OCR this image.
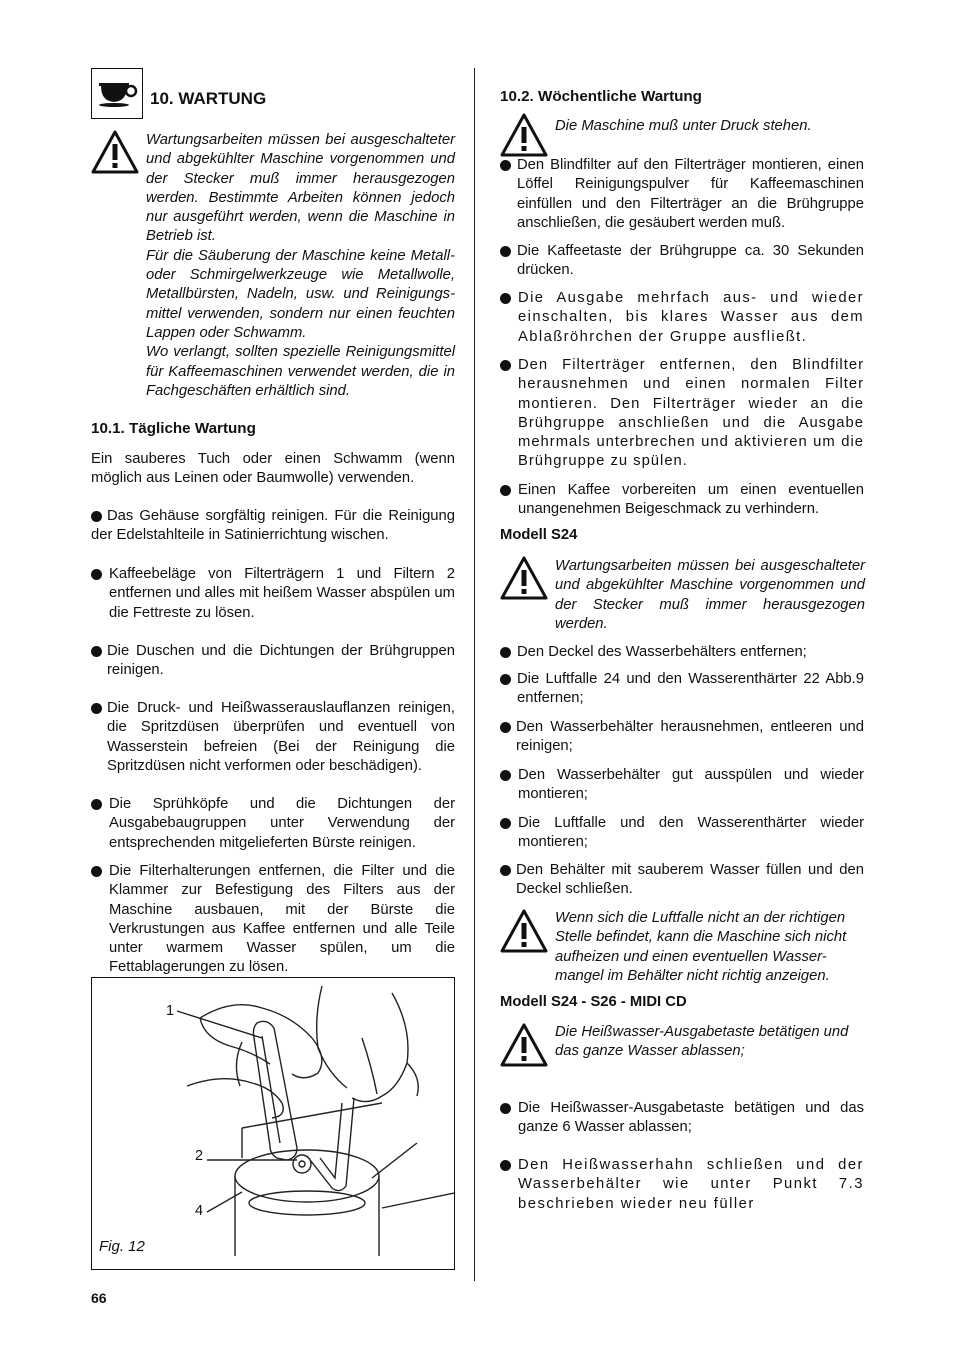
10. WARTUNG

Wartungsarbeiten müssen bei ausgeschalteter und abgekühlter Maschine vorgenommen und der Stecker muß immer herausgezogen werden. Bestimmte Arbeiten können jedoch nur ausgeführt werden, wenn die Maschine in Betrieb ist.

Für die Säuberung der Maschine keine Metall- oder Schmirgelwerkzeuge wie Metallwolle, Metallbürsten, Nadeln, usw. und Reinigungs-mittel verwenden, sondern nur einen feuchten Lappen oder Schwamm.

Wo verlangt, sollten spezielle Reinigungsmittel für Kaffeemaschinen verwendet werden, die in Fachgeschäften erhältlich sind.

10.1. Tägliche Wartung

Ein sauberes Tuch oder einen Schwamm (wenn möglich aus Leinen oder Baumwolle) verwenden.

Das Gehäuse sorgfältig reinigen. Für die Reinigung der Edelstahlteile in Satinierrichtung wischen.

Kaffeebeläge von Filterträgern 1 und Filtern 2 entfernen und alles mit heißem Wasser abspülen um die Fettreste zu lösen.

Die Duschen und die Dichtungen der Brühgruppen reinigen.

Die Druck- und Heißwasserauslauflanzen reinigen, die Spritzdüsen überprüfen und eventuell von Wasserstein befreien (Bei der Reinigung die Spritzdüsen nicht verformen oder beschädigen).

Die Sprühköpfe und die Dichtungen der Ausgabebaugruppen unter Verwendung der entsprechenden mitgelieferten Bürste reinigen.

Die Filterhalterungen entfernen, die Filter und die Klammer zur Befestigung des Filters aus der Maschine ausbauen, mit der Bürste die Verkrustungen aus Kaffee entfernen und alle Teile unter warmem Wasser spülen, um die Fettablagerungen zu lösen.

1
2
4
Fig. 12
66
10.2. Wöchentliche Wartung

Die Maschine muß unter Druck stehen.

Den Blindfilter auf den Filterträger montieren, einen Löffel Reinigungspulver für Kaffeemaschinen einfüllen und den Filterträger an die Brühgruppe anschließen, die gesäubert werden muß.

Die Kaffeetaste der Brühgruppe ca. 30 Sekunden drücken.

Die Ausgabe mehrfach aus- und wieder einschalten, bis klares Wasser aus dem Ablaßröhrchen der Gruppe ausfließt.

Den Filterträger entfernen, den Blindfilter herausnehmen und einen normalen Filter montieren. Den Filterträger wieder an die Brühgruppe anschließen und die Ausgabe mehrmals unterbrechen und aktivieren um die Brühgruppe zu spülen.

Einen Kaffee vorbereiten um einen eventuellen unangenehmen Beigeschmack zu verhindern.

Modell S24

Wartungsarbeiten müssen bei ausgeschalteter und abgekühlter Maschine vorgenommen und der Stecker muß immer herausgezogen werden.

Den Deckel des Wasserbehälters entfernen;

Die Luftfalle 24 und den Wasserenthärter 22 Abb.9 entfernen;

Den Wasserbehälter herausnehmen, entleeren und reinigen;

Den Wasserbehälter gut ausspülen und wieder montieren;

Die Luftfalle und den Wasserenthärter wieder montieren;

Den Behälter mit sauberem Wasser füllen und den Deckel schließen.

Wenn sich die Luftfalle nicht an der richtigen Stelle befindet, kann die Maschine sich nicht aufheizen und einen eventuellen Wasser-mangel im Behälter nicht richtig anzeigen.

Modell S24 - S26 - MIDI CD

Die Heißwasser-Ausgabetaste betätigen und das ganze Wasser ablassen;

Die Heißwasser-Ausgabetaste betätigen und das ganze 6 Wasser ablassen;

Den Heißwasserhahn schließen und der Wasserbehälter wie unter Punkt 7.3 beschrieben wieder neu füller
